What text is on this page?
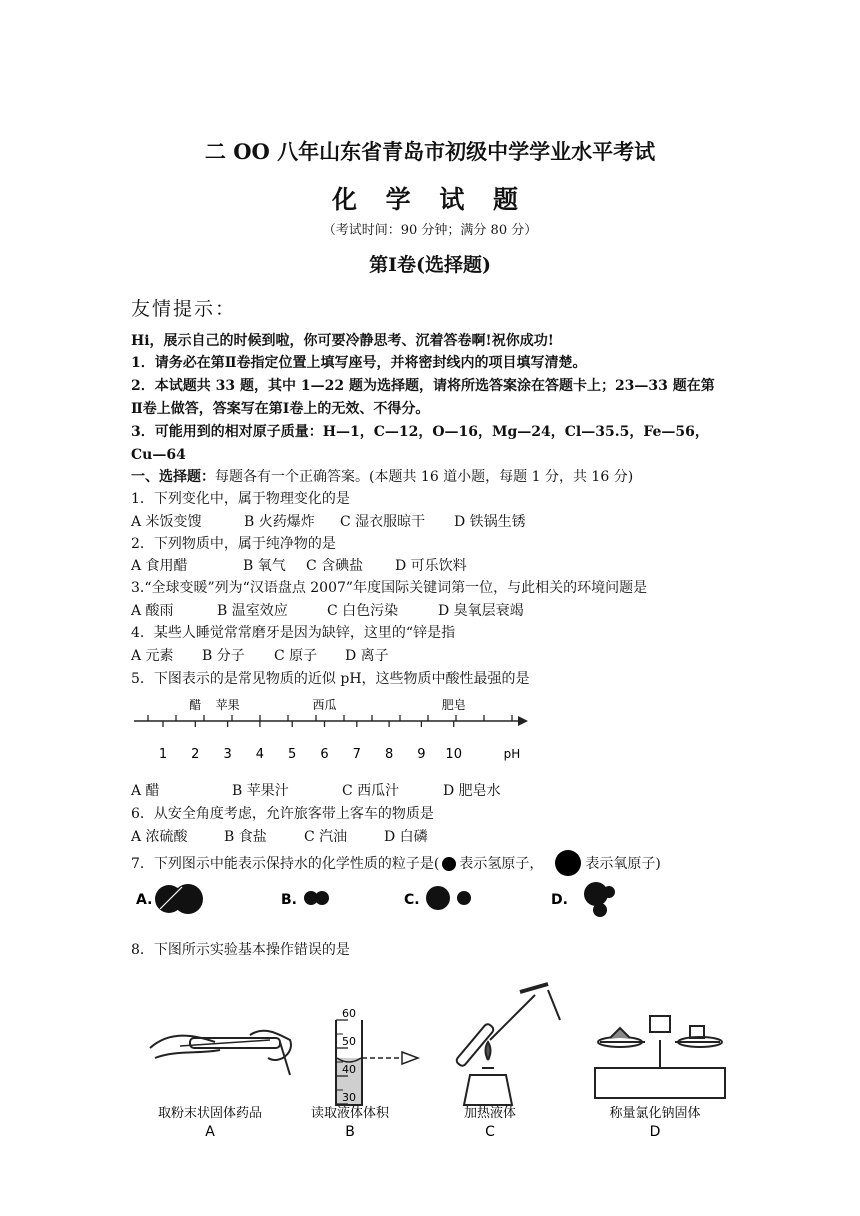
二 OO 八年山东省青岛市初级中学学业水平考试
化 学 试 题
（考试时间：90 分钟；满分 80 分）
第Ⅰ卷(选择题)
友情提示：
Hi，展示自己的时候到啦，你可要冷静思考、沉着答卷啊!祝你成功!
1．请务必在第Ⅱ卷指定位置上填写座号，并将密封线内的项目填写清楚。
2．本试题共 33 题，其中 1—22 题为选择题，请将所选答案涂在答题卡上；23—33 题在第
Ⅱ卷上做答，答案写在第Ⅰ卷上的无效、不得分。
3．可能用到的相对原子质量：H—1，C—12，O—16，Mg—24，Cl—35.5，Fe—56，
Cu—64
一、选择题：每题各有一个正确答案。(本题共 16 道小题，每题 1 分，共 16 分)
1．下列变化中，属于物理变化的是
A 米饭变馊	B 火药爆炸 C 湿衣服晾干 D 铁锅生锈
2．下列物质中，属于纯净物的是
A 食用醋	B 氧气 C 含碘盐 D 可乐饮料
3.“全球变暖”列为“汉语盘点 2007”年度国际关键词第一位，与此相关的环境问题是
A 酸雨	B 温室效应	C 白色污染	D 臭氧层衰竭
4．某些人睡觉常常磨牙是因为缺锌，这里的“锌是指
A 元素 B 分子 C 原子 D 离子
5．下图表示的是常见物质的近似 pH，这些物质中酸性最强的是
1 2 3 4 5 6 7 8 9 10
醋 苹果	西瓜	肥皂
pH
A 醋	B 苹果汁	C 西瓜汁	D 肥皂水
6．从安全角度考虑，允许旅客带上客车的物质是
A 浓硫酸	B 食盐	C 汽油	D 白磷
7．下列图示中能表示保持水的化学性质的粒子是( 表示氢原子，	表示氧原子)
A.	B.	C.	D.
8．下图所示实验基本操作错误的是
60
50
40
30
取粉末状固体药品
A
读取液体体积
B
加热液体
C
称量氯化钠固体
D
